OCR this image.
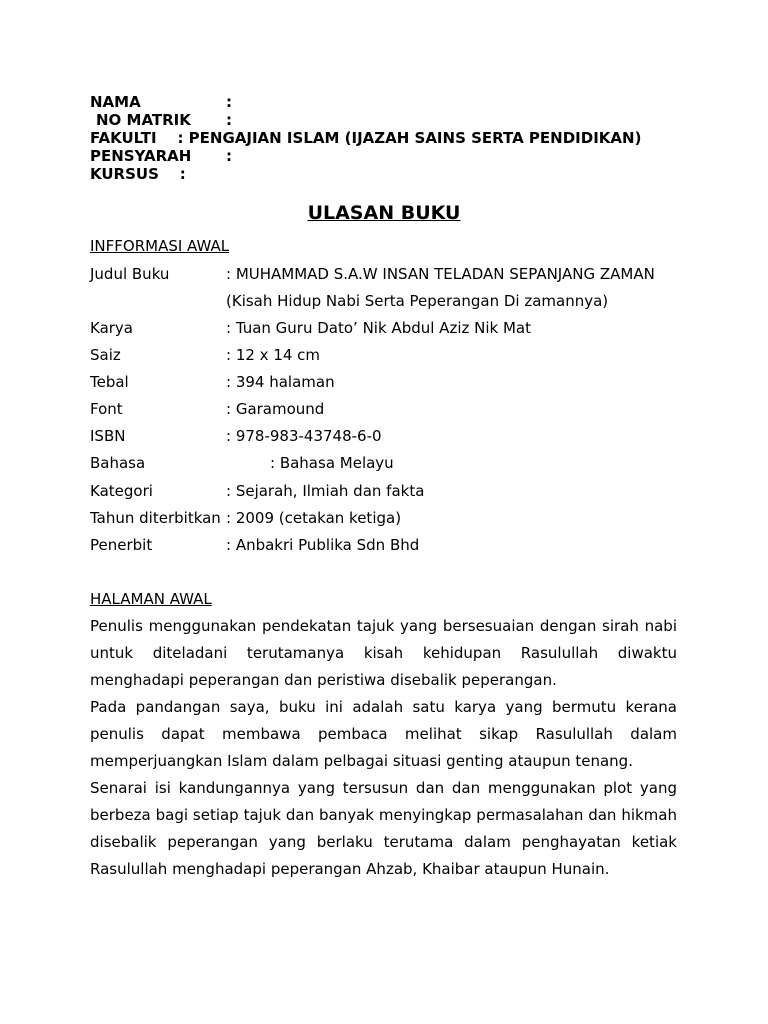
NAMA	:
NO MATRIK :
FAKULTI    : PENGAJIAN ISLAM (IJAZAH SAINS SERTA PENDIDIKAN)
PENSYARAH :
KURSUS    :
ULASAN BUKU
INFFORMASI AWAL
Judul Buku	: MUHAMMAD S.A.W INSAN TELADAN SEPANJANG ZAMAN
(Kisah Hidup Nabi Serta Peperangan Di zamannya)
Karya	: Tuan Guru Dato’ Nik Abdul Aziz Nik Mat
Saiz	: 12 x 14 cm
Tebal	: 394 halaman
Font	: Garamound
ISBN	: 978-983-43748-6-0
Bahasa	: Bahasa Melayu
Kategori	: Sejarah, Ilmiah dan fakta
Tahun diterbitkan : 2009 (cetakan ketiga)
Penerbit	: Anbakri Publika Sdn Bhd
HALAMAN AWAL

Penulis menggunakan pendekatan tajuk yang bersesuaian dengan sirah nabi untuk diteladani terutamanya kisah kehidupan Rasulullah diwaktu menghadapi peperangan dan peristiwa disebalik peperangan.

Pada pandangan saya, buku ini adalah satu karya yang bermutu kerana penulis dapat membawa pembaca melihat sikap Rasulullah dalam memperjuangkan Islam dalam pelbagai situasi genting ataupun tenang.

Senarai isi kandungannya yang tersusun dan dan menggunakan plot yang berbeza bagi setiap tajuk dan banyak menyingkap permasalahan dan hikmah disebalik peperangan yang berlaku terutama dalam penghayatan ketiak Rasulullah menghadapi peperangan Ahzab, Khaibar ataupun Hunain.
